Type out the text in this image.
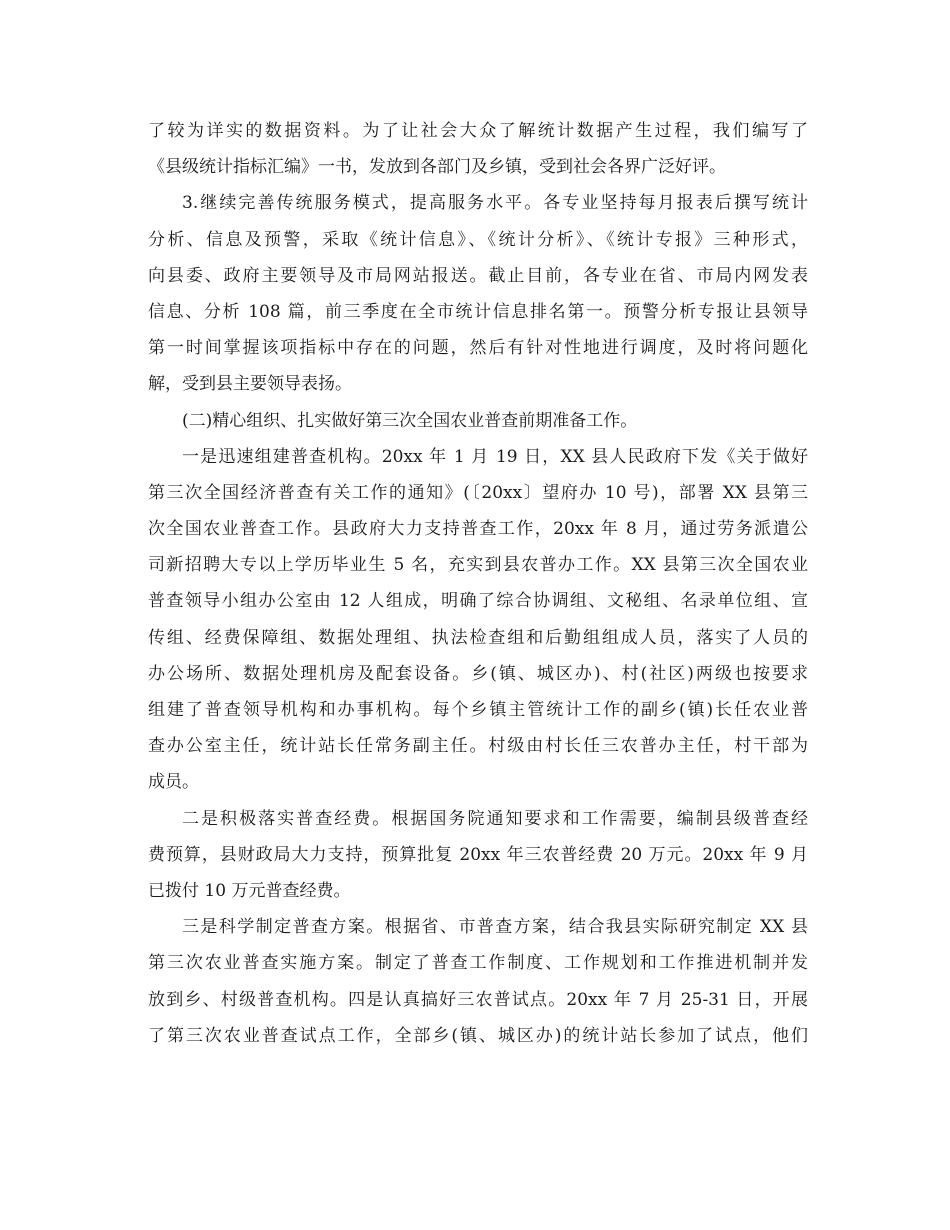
了较为详实的数据资料。为了让社会大众了解统计数据产生过程，我们编写了
《县级统计指标汇编》一书，发放到各部门及乡镇，受到社会各界广泛好评。
3.继续完善传统服务模式，提高服务水平。各专业坚持每月报表后撰写统计
分析、信息及预警，采取《统计信息》、《统计分析》、《统计专报》三种形式，
向县委、政府主要领导及市局网站报送。截止目前，各专业在省、市局内网发表
信息、分析 108 篇，前三季度在全市统计信息排名第一。预警分析专报让县领导
第一时间掌握该项指标中存在的问题，然后有针对性地进行调度，及时将问题化
解，受到县主要领导表扬。
(二)精心组织、扎实做好第三次全国农业普查前期准备工作。
一是迅速组建普查机构。20xx 年 1 月 19 日，XX 县人民政府下发《关于做好
第三次全国经济普查有关工作的通知》(〔20xx〕望府办 10 号)，部署 XX 县第三
次全国农业普查工作。县政府大力支持普查工作，20xx 年 8 月，通过劳务派遣公
司新招聘大专以上学历毕业生 5 名，充实到县农普办工作。XX 县第三次全国农业
普查领导小组办公室由 12 人组成，明确了综合协调组、文秘组、名录单位组、宣
传组、经费保障组、数据处理组、执法检查组和后勤组组成人员，落实了人员的
办公场所、数据处理机房及配套设备。乡(镇、城区办)、村(社区)两级也按要求
组建了普查领导机构和办事机构。每个乡镇主管统计工作的副乡(镇)长任农业普
查办公室主任，统计站长任常务副主任。村级由村长任三农普办主任，村干部为
成员。
二是积极落实普查经费。根据国务院通知要求和工作需要，编制县级普查经
费预算，县财政局大力支持，预算批复 20xx 年三农普经费 20 万元。20xx 年 9 月
已拨付 10 万元普查经费。
三是科学制定普查方案。根据省、市普查方案，结合我县实际研究制定 XX 县
第三次农业普查实施方案。制定了普查工作制度、工作规划和工作推进机制并发
放到乡、村级普查机构。四是认真搞好三农普试点。20xx 年 7 月 25-31 日，开展
了第三次农业普查试点工作，全部乡(镇、城区办)的统计站长参加了试点，他们
